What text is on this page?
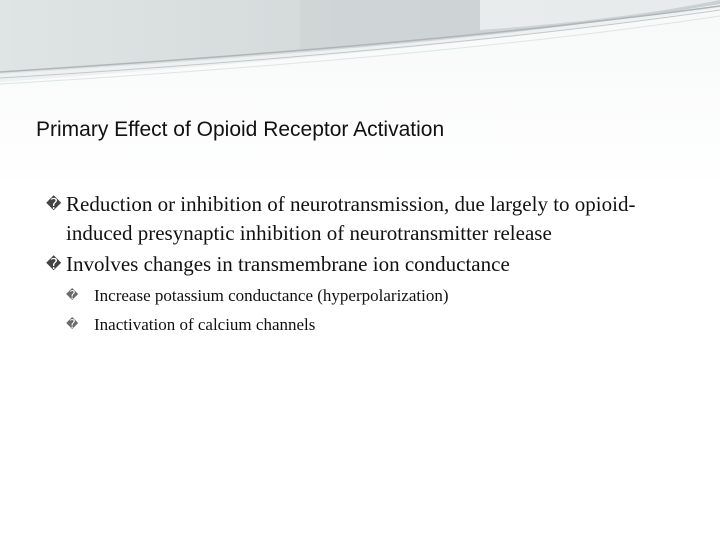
Primary Effect of Opioid Receptor Activation
� Reduction or inhibition of neurotransmission, due largely to opioid-induced presynaptic inhibition of neurotransmitter release
� Involves changes in transmembrane ion conductance
� Increase potassium conductance (hyperpolarization)
� Inactivation of calcium channels
